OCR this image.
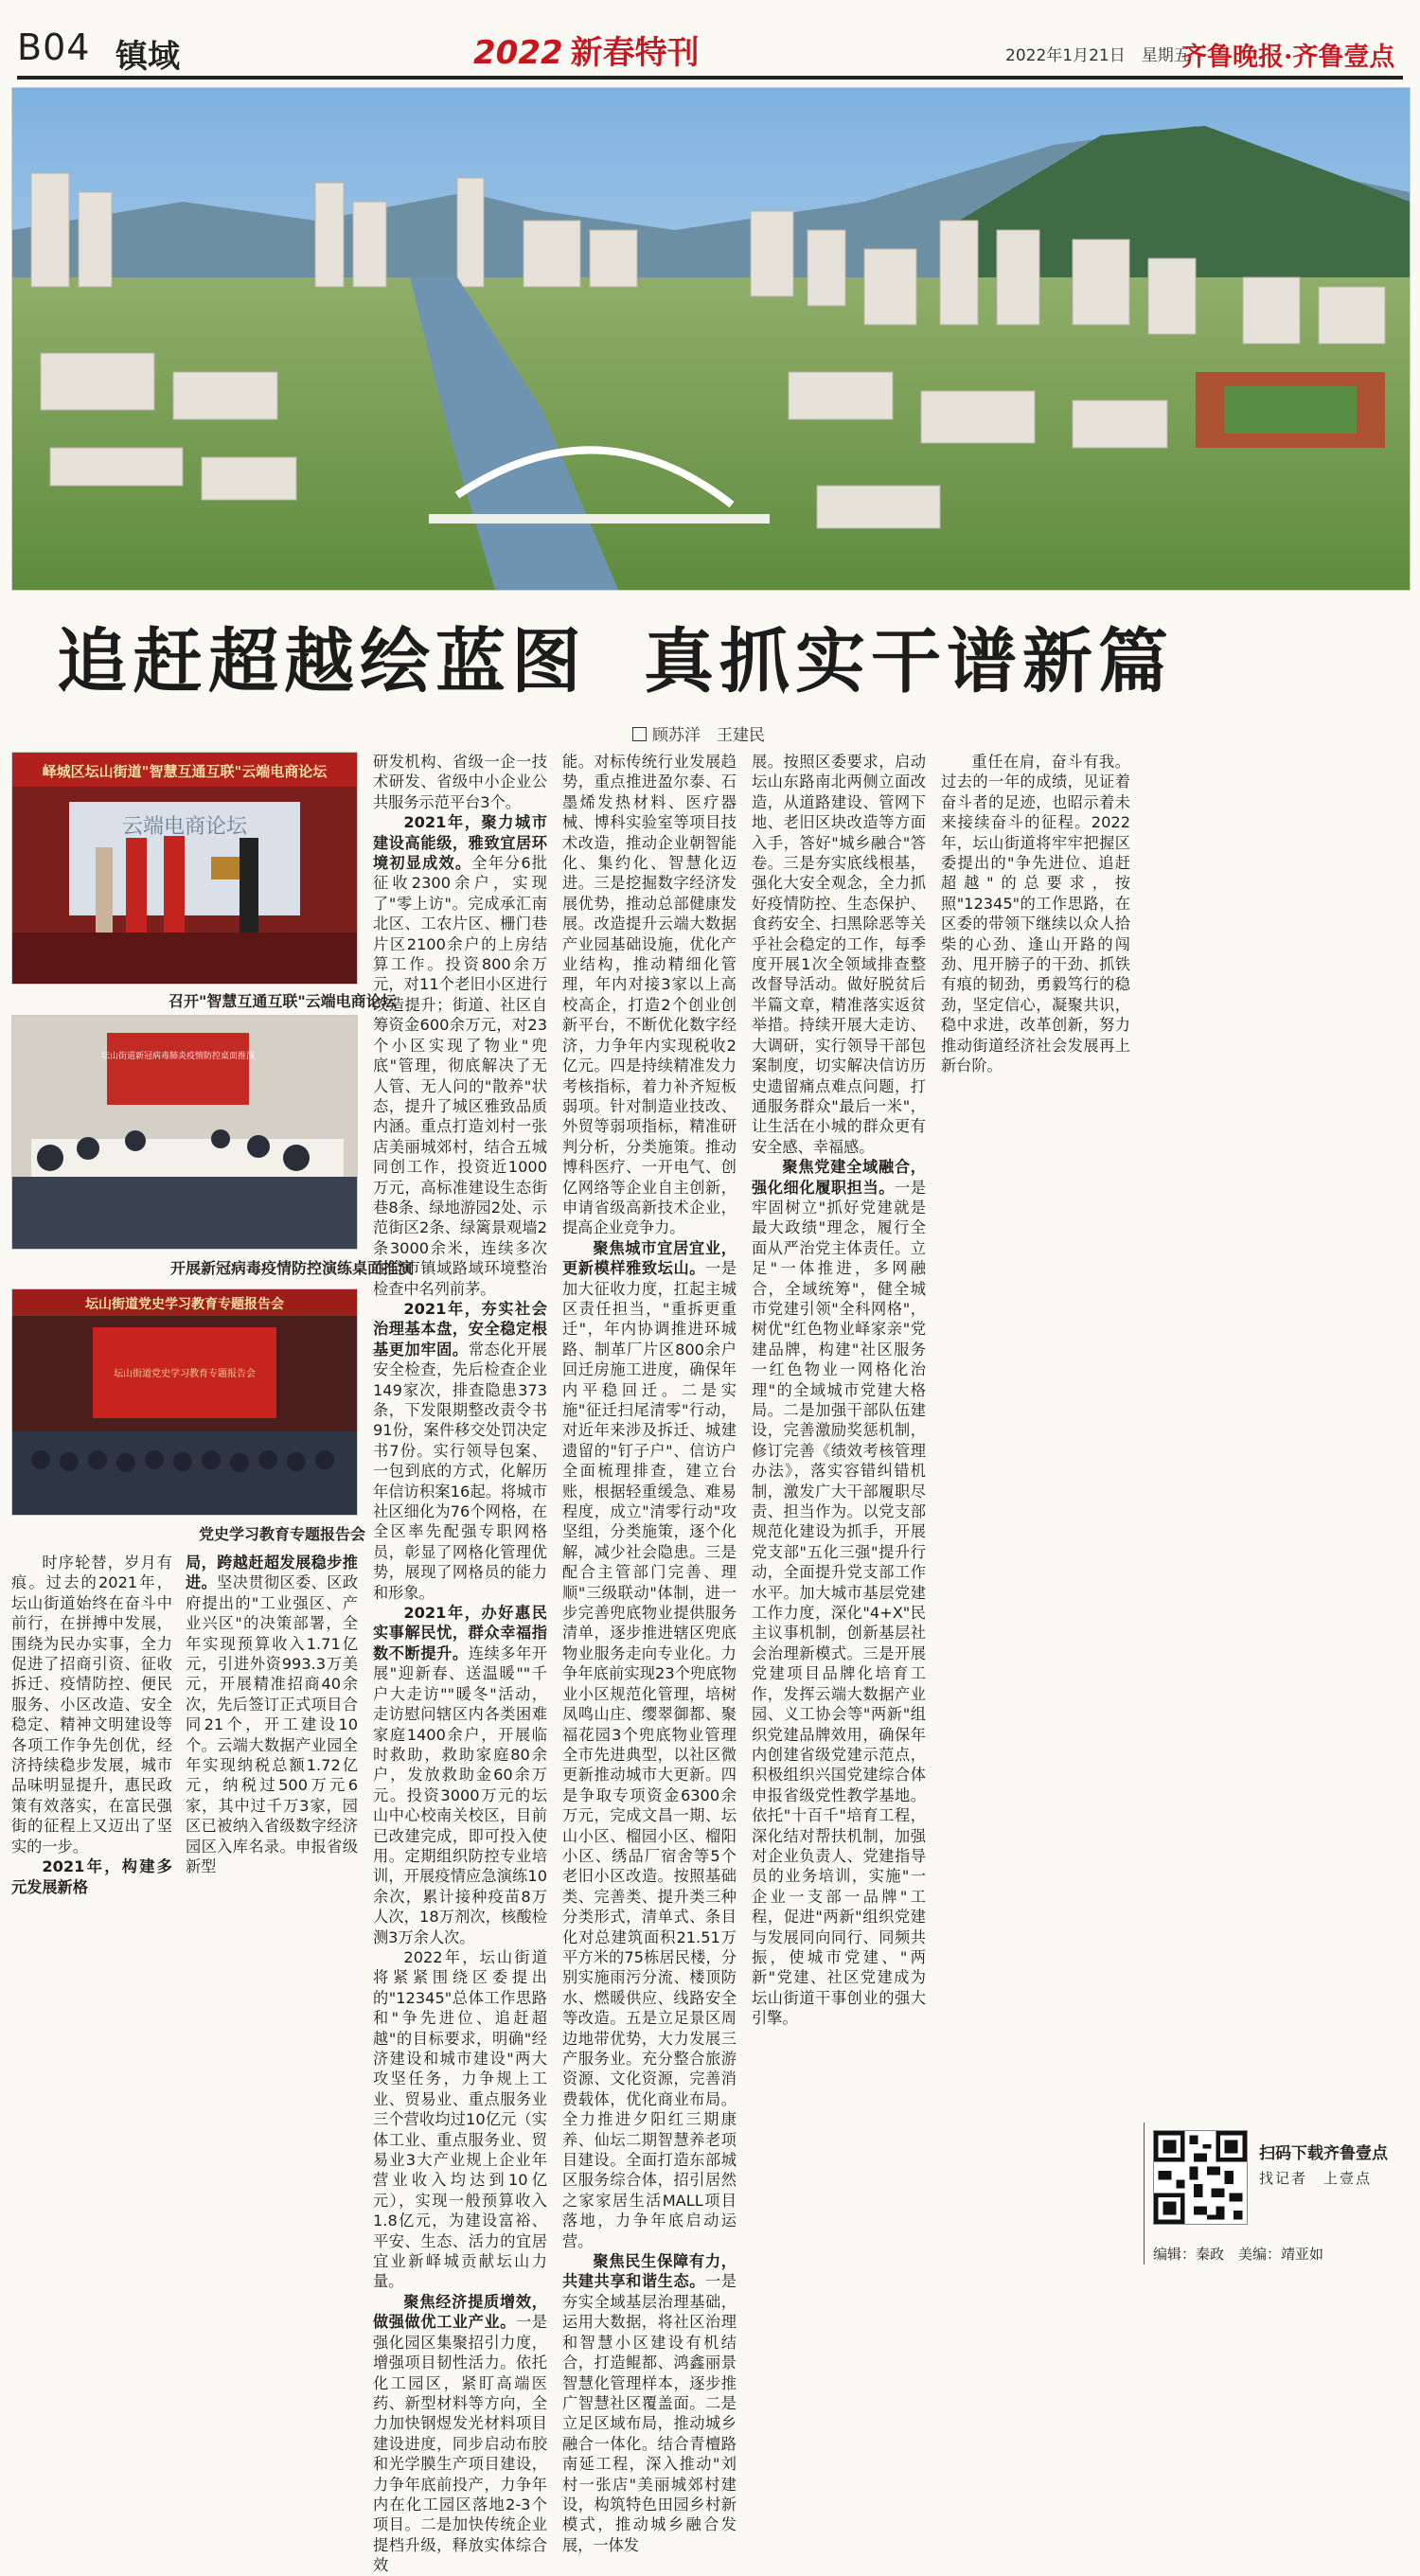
B04 镇域	2022 新春特刊	2022年1月21日　星期五
齐鲁晚报·齐鲁壹点
追赶超越绘蓝图 真抓实干谱新篇
顾苏洋　王建民
峄城区坛山街道"智慧互通互联"云端电商论坛
云端电商论坛
召开"智慧互通互联"云端电商论坛
坛山街道新冠病毒肺炎疫情防控桌面推演
开展新冠病毒疫情防控演练桌面推演
坛山街道党史学习教育专题报告会
坛山街道党史学习教育专题报告会
党史学习教育专题报告会

时序轮替，岁月有痕。过去的2021年，坛山街道始终在奋斗中前行，在拼搏中发展，围绕为民办实事，全力促进了招商引资、征收拆迁、疫情防控、便民服务、小区改造、安全稳定、精神文明建设等各项工作争先创优，经济持续稳步发展，城市品味明显提升，惠民政策有效落实，在富民强街的征程上又迈出了坚实的一步。

2021年，构建多元发展新格

局，跨越赶超发展稳步推进。坚决贯彻区委、区政府提出的"工业强区、产业兴区"的决策部署，全年实现预算收入1.71亿元，引进外资993.3万美元，开展精准招商40余次，先后签订正式项目合同21个，开工建设10个。云端大数据产业园全年实现纳税总额1.72亿元，纳税过500万元6家，其中过千万3家，园区已被纳入省级数字经济园区入库名录。申报省级新型

研发机构、省级一企一技术研发、省级中小企业公共服务示范平台3个。

2021年，聚力城市建设高能级，雅致宜居环境初显成效。全年分6批征收2300余户，实现了"零上访"。完成承汇南北区、工农片区、栅门巷片区2100余户的上房结算工作。投资800余万元，对11个老旧小区进行改造提升；街道、社区自筹资金600余万元，对23个小区实现了物业"兜底"管理，彻底解决了无人管、无人问的"散养"状态，提升了城区雅致品质内涵。重点打造刘村一张店美丽城郊村，结合五城同创工作，投资近1000万元，高标准建设生态街巷8条、绿地游园2处、示范街区2条、绿篱景观墙2条3000余米，连续多次在全市镇域路域环境整治检查中名列前茅。

2021年，夯实社会治理基本盘，安全稳定根基更加牢固。常态化开展安全检查，先后检查企业149家次，排查隐患373条，下发限期整改责令书91份，案件移交处罚决定书7份。实行领导包案、一包到底的方式，化解历年信访积案16起。将城市社区细化为76个网格，在全区率先配强专职网格员，彰显了网格化管理优势，展现了网格员的能力和形象。

2021年，办好惠民实事解民忧，群众幸福指数不断提升。连续多年开展"迎新春、送温暖""千户大走访""暖冬"活动，走访慰问辖区内各类困难家庭1400余户，开展临时救助，救助家庭80余户，发放救助金60余万元。投资3000万元的坛山中心校南关校区，目前已改建完成，即可投入使用。定期组织防控专业培训，开展疫情应急演练10余次，累计接种疫苗8万人次，18万剂次，核酸检测3万余人次。

2022年，坛山街道将紧紧围绕区委提出的"12345"总体工作思路和"争先进位、追赶超越"的目标要求，明确"经济建设和城市建设"两大攻坚任务，力争规上工业、贸易业、重点服务业三个营收均过10亿元（实体工业、重点服务业、贸易业3大产业规上企业年营业收入均达到10亿元），实现一般预算收入1.8亿元，为建设富裕、平安、生态、活力的宜居宜业新峄城贡献坛山力量。

聚焦经济提质增效，做强做优工业产业。一是强化园区集聚招引力度，增强项目韧性活力。依托化工园区，紧盯高端医药、新型材料等方向，全力加快钢煜发光材料项目建设进度，同步启动布胶和光学膜生产项目建设，力争年底前投产，力争年内在化工园区落地2-3个项目。二是加快传统企业提档升级，释放实体综合效

能。对标传统行业发展趋势，重点推进盈尔泰、石墨烯发热材料、医疗器械、博科实验室等项目技术改造，推动企业朝智能化、集约化、智慧化迈进。三是挖掘数字经济发展优势，推动总部健康发展。改造提升云端大数据产业园基础设施，优化产业结构，推动精细化管理，年内对接3家以上高校高企，打造2个创业创新平台，不断优化数字经济，力争年内实现税收2亿元。四是持续精准发力考核指标，着力补齐短板弱项。针对制造业技改、外贸等弱项指标，精准研判分析，分类施策。推动博科医疗、一开电气、创亿网络等企业自主创新，申请省级高新技术企业，提高企业竞争力。

聚焦城市宜居宜业，更新模样雅致坛山。一是加大征收力度，扛起主城区责任担当，"重拆更重迁"，年内协调推进环城路、制革厂片区800余户回迁房施工进度，确保年内平稳回迁。二是实施"征迁扫尾清零"行动，对近年来涉及拆迁、城建遗留的"钉子户"、信访户全面梳理排查，建立台账，根据轻重缓急、难易程度，成立"清零行动"攻坚组，分类施策，逐个化解，减少社会隐患。三是配合主管部门完善、理顺"三级联动"体制，进一步完善兜底物业提供服务清单，逐步推进辖区兜底物业服务走向专业化。力争年底前实现23个兜底物业小区规范化管理，培树凤鸣山庄、缨翠御都、聚福花园3个兜底物业管理全市先进典型，以社区微更新推动城市大更新。四是争取专项资金6300余万元，完成文昌一期、坛山小区、榴园小区、榴阳小区、绣品厂宿舍等5个老旧小区改造。按照基础类、完善类、提升类三种分类形式，清单式、条目化对总建筑面积21.51万平方米的75栋居民楼，分别实施雨污分流、楼顶防水、燃暖供应、线路安全等改造。五是立足景区周边地带优势，大力发展三产服务业。充分整合旅游资源、文化资源，完善消费载体，优化商业布局。全力推进夕阳红三期康养、仙坛二期智慧养老项目建设。全面打造东部城区服务综合体，招引居然之家家居生活MALL项目落地，力争年底启动运营。

聚焦民生保障有力，共建共享和谐生态。一是夯实全域基层治理基础，运用大数据，将社区治理和智慧小区建设有机结合，打造鲲都、鸿鑫丽景智慧化管理样本，逐步推广智慧社区覆盖面。二是立足区域布局，推动城乡融合一体化。结合青檀路南延工程，深入推动"刘村一张店"美丽城郊村建设，构筑特色田园乡村新模式，推动城乡融合发展，一体发

展。按照区委要求，启动坛山东路南北两侧立面改造，从道路建设、管网下地、老旧区块改造等方面入手，答好"城乡融合"答卷。三是夯实底线根基，强化大安全观念，全力抓好疫情防控、生态保护、食药安全、扫黑除恶等关乎社会稳定的工作，每季度开展1次全领域排查整改督导活动。做好脱贫后半篇文章，精准落实返贫举措。持续开展大走访、大调研，实行领导干部包案制度，切实解决信访历史遗留痛点难点问题，打通服务群众"最后一米"，让生活在小城的群众更有安全感、幸福感。

聚焦党建全域融合，强化细化履职担当。一是牢固树立"抓好党建就是最大政绩"理念，履行全面从严治党主体责任。立足"一体推进，多网融合，全域统筹"，健全城市党建引领"全科网格"，树优"红色物业峄家亲"党建品牌，构建"社区服务一红色物业一网格化治理"的全域城市党建大格局。二是加强干部队伍建设，完善激励奖惩机制，修订完善《绩效考核管理办法》，落实容错纠错机制，激发广大干部履职尽责、担当作为。以党支部规范化建设为抓手，开展党支部"五化三强"提升行动，全面提升党支部工作水平。加大城市基层党建工作力度，深化"4+X"民主议事机制，创新基层社会治理新模式。三是开展党建项目品牌化培育工作，发挥云端大数据产业园、义工协会等"两新"组织党建品牌效用，确保年内创建省级党建示范点，积极组织兴国党建综合体申报省级党性教学基地。依托"十百千"培育工程，深化结对帮扶机制，加强对企业负责人、党建指导员的业务培训，实施"一企业一支部一品牌"工程，促进"两新"组织党建与发展同向同行、同频共振，使城市党建、"两新"党建、社区党建成为坛山街道干事创业的强大引擎。

重任在肩，奋斗有我。过去的一年的成绩，见证着奋斗者的足迹，也昭示着未来接续奋斗的征程。2022年，坛山街道将牢牢把握区委提出的"争先进位、追赶超越"的总要求，按照"12345"的工作思路，在区委的带领下继续以众人拾柴的心劲、逢山开路的闯劲、甩开膀子的干劲、抓铁有痕的韧劲，勇毅笃行的稳劲，坚定信心，凝聚共识，稳中求进，改革创新，努力推动街道经济社会发展再上新台阶。

扫码下载齐鲁壹点
找记者　上壹点
编辑：秦政　美编：靖亚如
